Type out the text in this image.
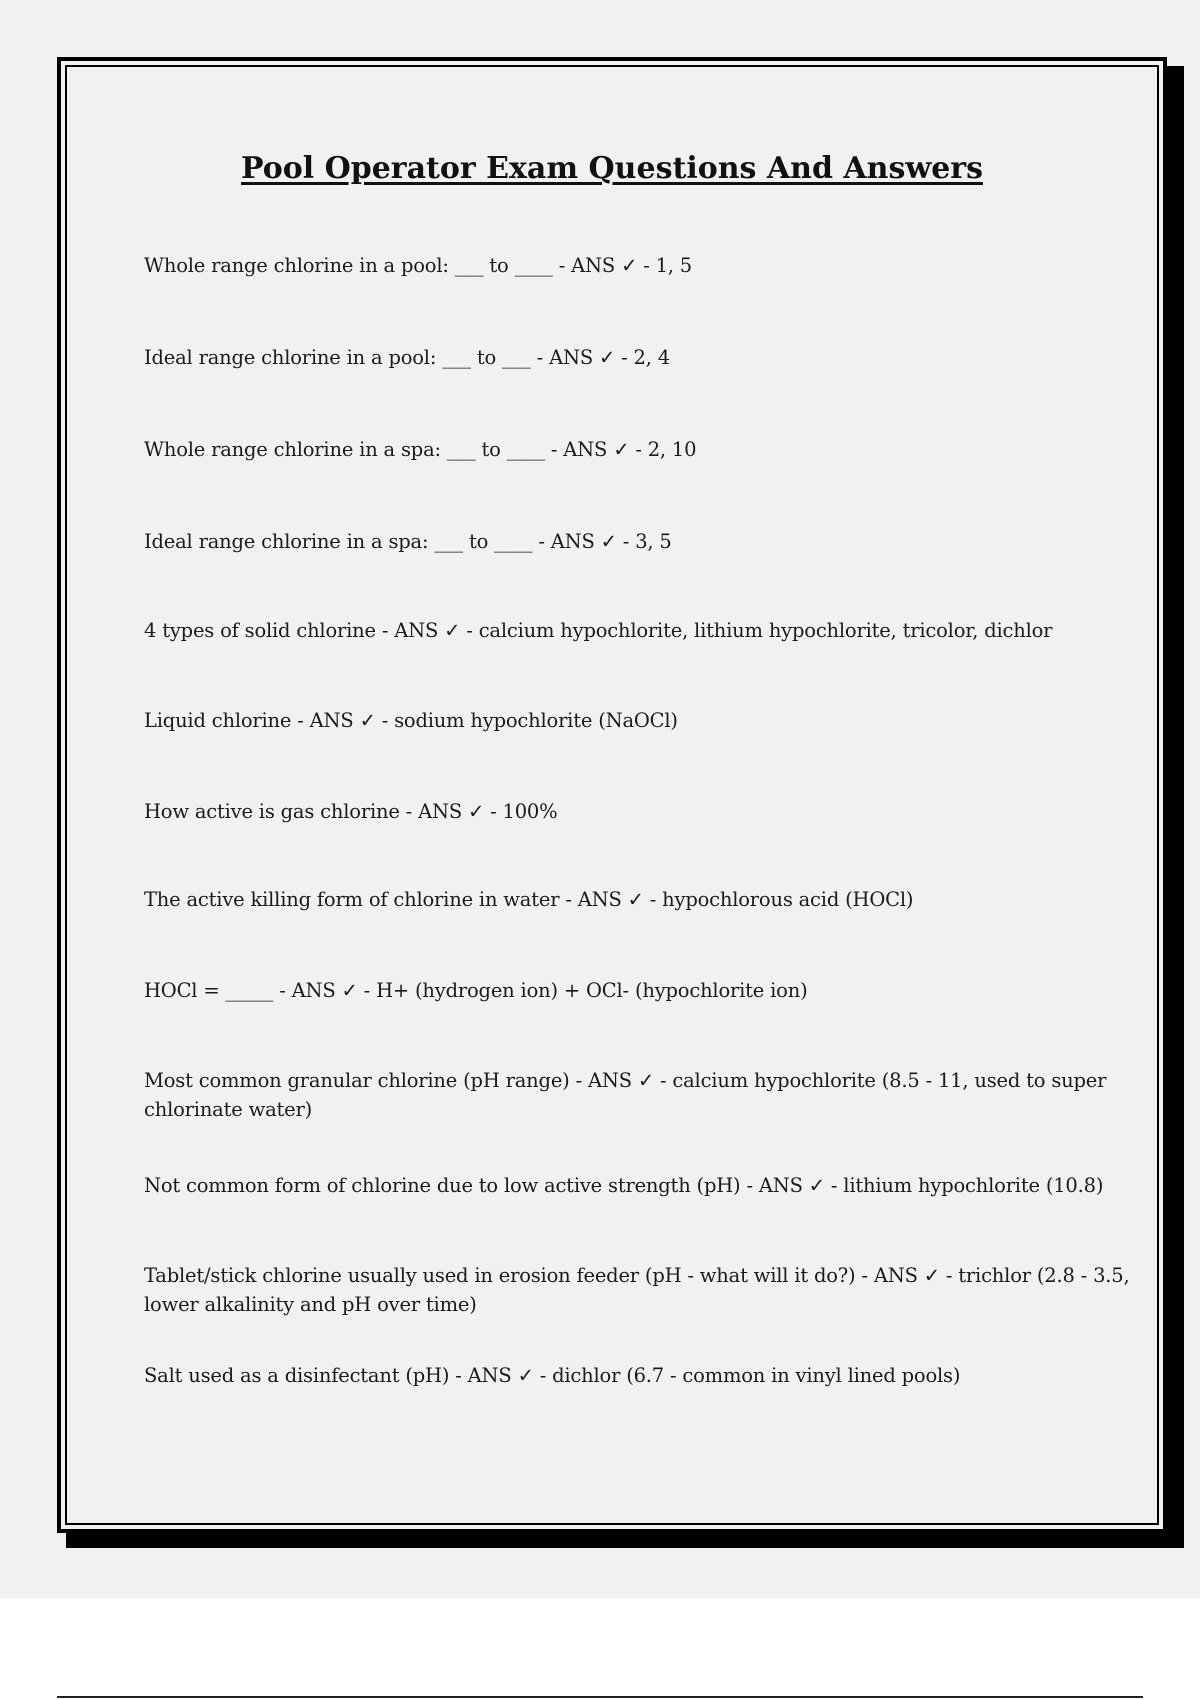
Pool Operator Exam Questions And Answers
Whole range chlorine in a pool: ___ to ____ - ANS ✓ - 1, 5
Ideal range chlorine in a pool: ___ to ___ - ANS ✓ - 2, 4
Whole range chlorine in a spa: ___ to ____ - ANS ✓ - 2, 10
Ideal range chlorine in a spa: ___ to ____ - ANS ✓ - 3, 5
4 types of solid chlorine - ANS ✓ - calcium hypochlorite, lithium hypochlorite, tricolor, dichlor
Liquid chlorine - ANS ✓ - sodium hypochlorite (NaOCl)
How active is gas chlorine - ANS ✓ - 100%
The active killing form of chlorine in water - ANS ✓ - hypochlorous acid (HOCl)
HOCl = _____ - ANS ✓ - H+ (hydrogen ion) + OCl- (hypochlorite ion)
Most common granular chlorine (pH range) - ANS ✓ - calcium hypochlorite (8.5 - 11, used to super chlorinate water)
Not common form of chlorine due to low active strength (pH) - ANS ✓ - lithium hypochlorite (10.8)
Tablet/stick chlorine usually used in erosion feeder (pH - what will it do?) - ANS ✓ - trichlor (2.8 - 3.5, lower alkalinity and pH over time)
Salt used as a disinfectant (pH) - ANS ✓ - dichlor (6.7 - common in vinyl lined pools)
